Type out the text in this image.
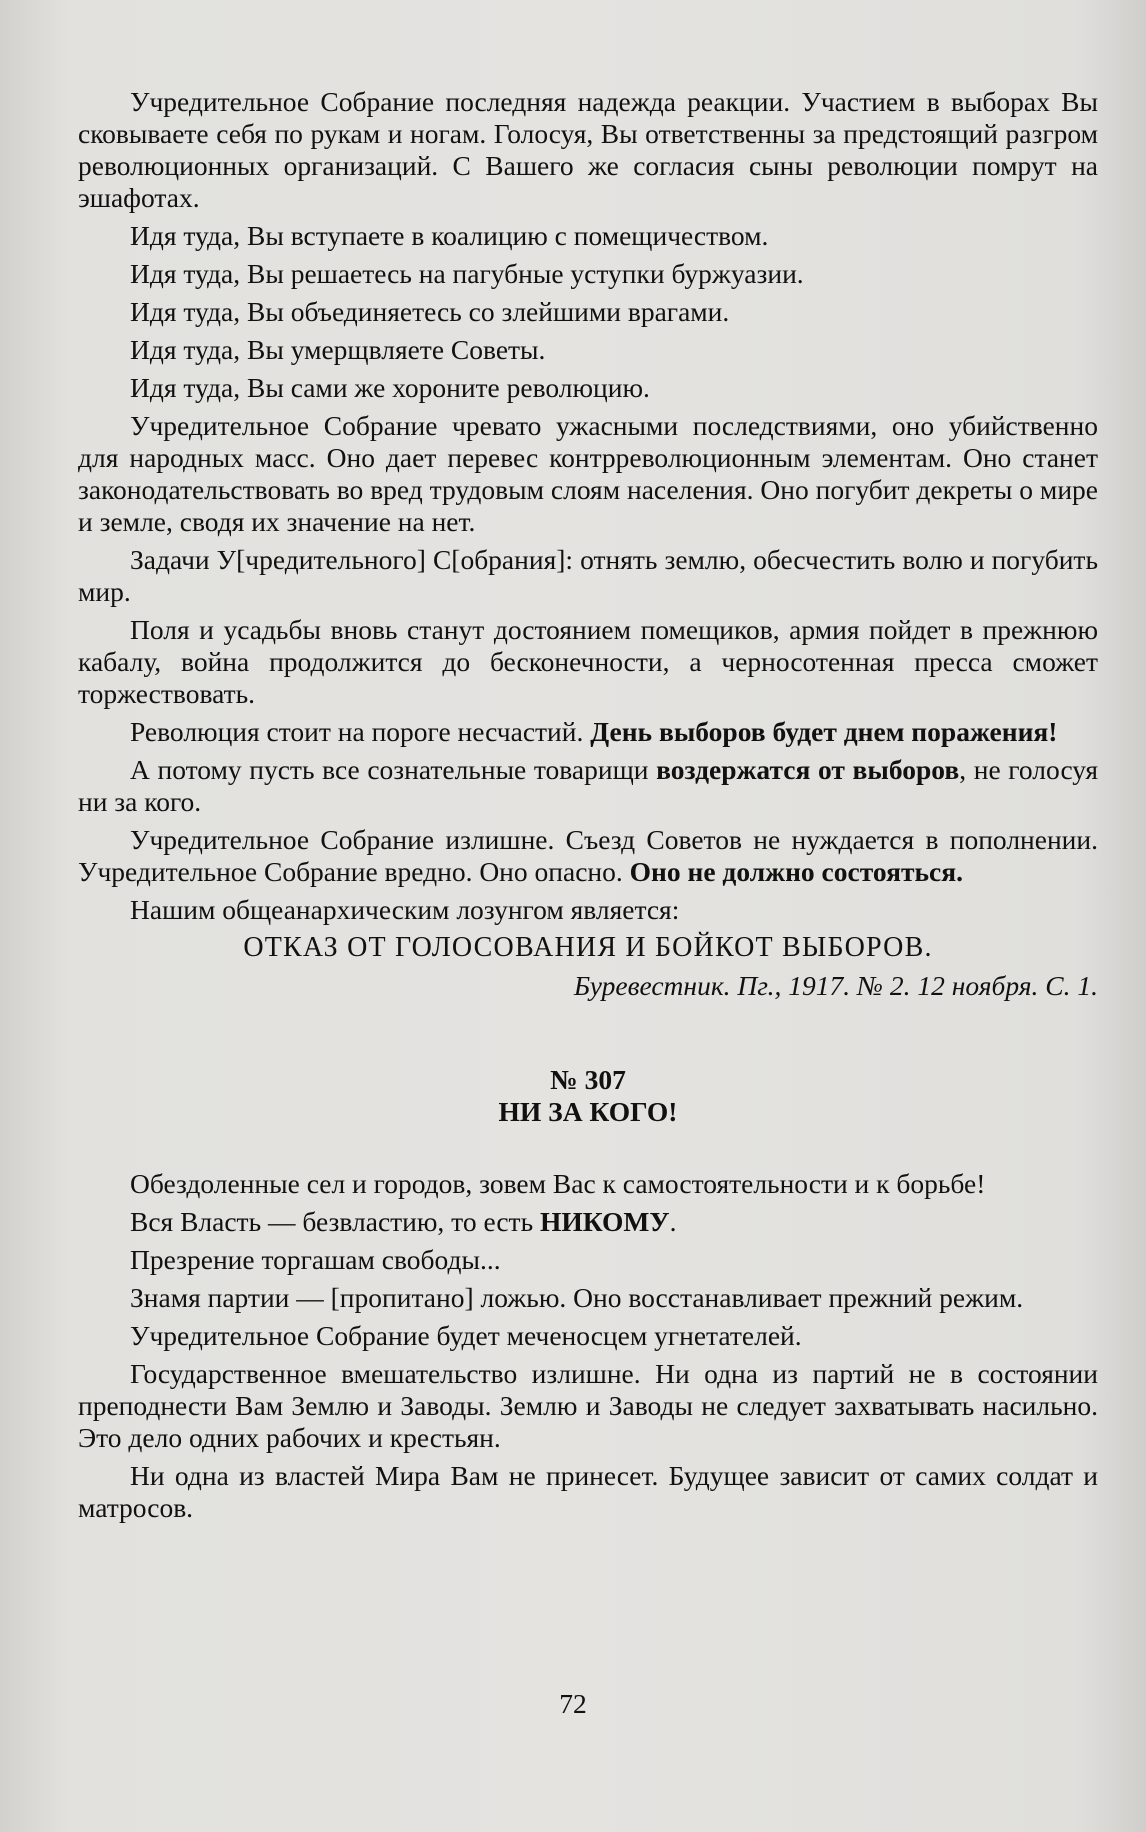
Учредительное Собрание последняя надежда реакции. Участием в выборах Вы сковываете себя по рукам и ногам. Голосуя, Вы ответственны за предстоящий разгром революционных организаций. С Вашего же согласия сыны революции помрут на эшафотах.

Идя туда, Вы вступаете в коалицию с помещичеством.

Идя туда, Вы решаетесь на пагубные уступки буржуазии.

Идя туда, Вы объединяетесь со злейшими врагами.

Идя туда, Вы умерщвляете Советы.

Идя туда, Вы сами же хороните революцию.

Учредительное Собрание чревато ужасными последствиями, оно убийственно для народных масс. Оно дает перевес контрреволюционным элементам. Оно станет законодательствовать во вред трудовым слоям населения. Оно погубит декреты о мире и земле, сводя их значение на нет.

Задачи У[чредительного] С[обрания]: отнять землю, обесчестить волю и погубить мир.

Поля и усадьбы вновь станут достоянием помещиков, армия пойдет в прежнюю кабалу, война продолжится до бесконечности, а черносотенная пресса сможет торжествовать.

Революция стоит на пороге несчастий. День выборов будет днем поражения!

А потому пусть все сознательные товарищи воздержатся от выборов, не голосуя ни за кого.

Учредительное Собрание излишне. Съезд Советов не нуждается в пополнении. Учредительное Собрание вредно. Оно опасно. Оно не должно состояться.

Нашим общеанархическим лозунгом является:

ОТКАЗ ОТ ГОЛОСОВАНИЯ И БОЙКОТ ВЫБОРОВ.

Буревестник. Пг., 1917. № 2. 12 ноября. С. 1.

№ 307

НИ ЗА КОГО!

Обездоленные сел и городов, зовем Вас к самостоятельности и к борьбе!

Вся Власть — безвластию, то есть НИКОМУ.

Презрение торгашам свободы...

Знамя партии — [пропитано] ложью. Оно восстанавливает прежний режим.

Учредительное Собрание будет меченосцем угнетателей.

Государственное вмешательство излишне. Ни одна из партий не в состоянии преподнести Вам Землю и Заводы. Землю и Заводы не следует захватывать насильно. Это дело одних рабочих и крестьян.

Ни одна из властей Мира Вам не принесет. Будущее зависит от самих солдат и матросов.

72
